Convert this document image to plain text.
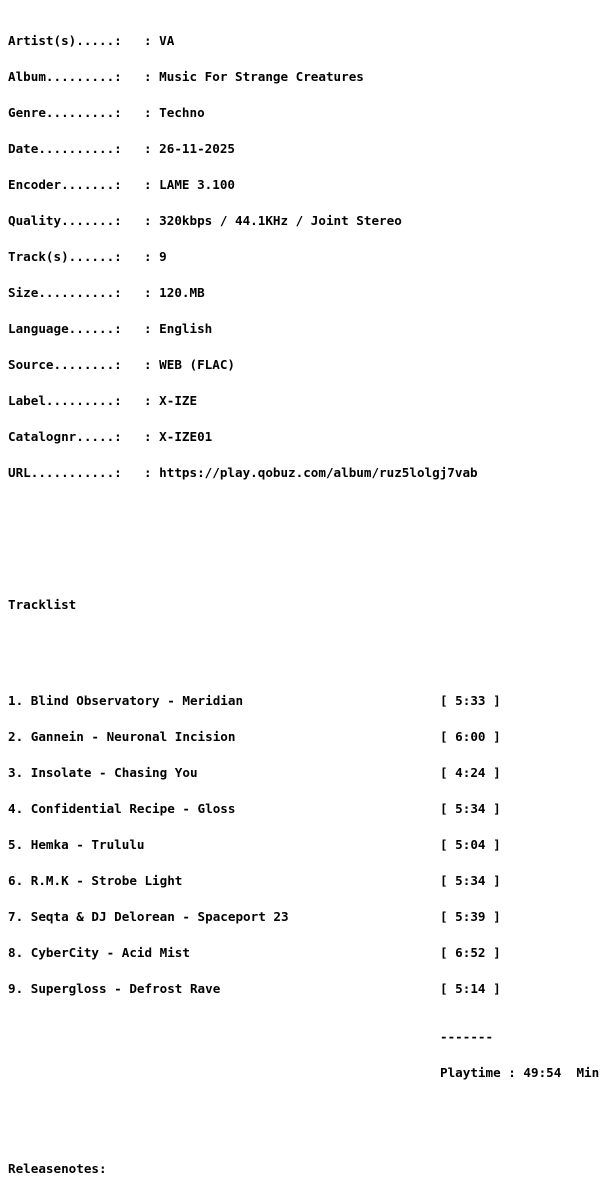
Artist(s).....: : VA

Album.........: : Music For Strange Creatures

Genre.........: : Techno

Date..........: : 26-11-2025

Encoder.......: : LAME 3.100

Quality.......: : 320kbps / 44.1KHz / Joint Stereo

Track(s)......: : 9

Size..........: : 120.MB

Language......: : English

Source........: : WEB (FLAC)

Label.........: : X-IZE

Catalognr.....: : X-IZE01

URL...........: : https://play.qobuz.com/album/ruz5lolgj7vab

Tracklist

1. Blind Observatory - Meridian	[ 5:33 ]

2. Gannein - Neuronal Incision	[ 6:00 ]

3. Insolate - Chasing You	[ 4:24 ]

4. Confidential Recipe - Gloss	[ 5:34 ]

5. Hemka - Trululu	[ 5:04 ]

6. R.M.K - Strobe Light	[ 5:34 ]

7. Seqta & DJ Delorean - Spaceport 23	[ 5:39 ]

8. CyberCity - Acid Mist	[ 6:52 ]

9. Supergloss - Defrost Rave	[ 5:14 ]

-------

Playtime : 49:54  Min

Releasenotes:
